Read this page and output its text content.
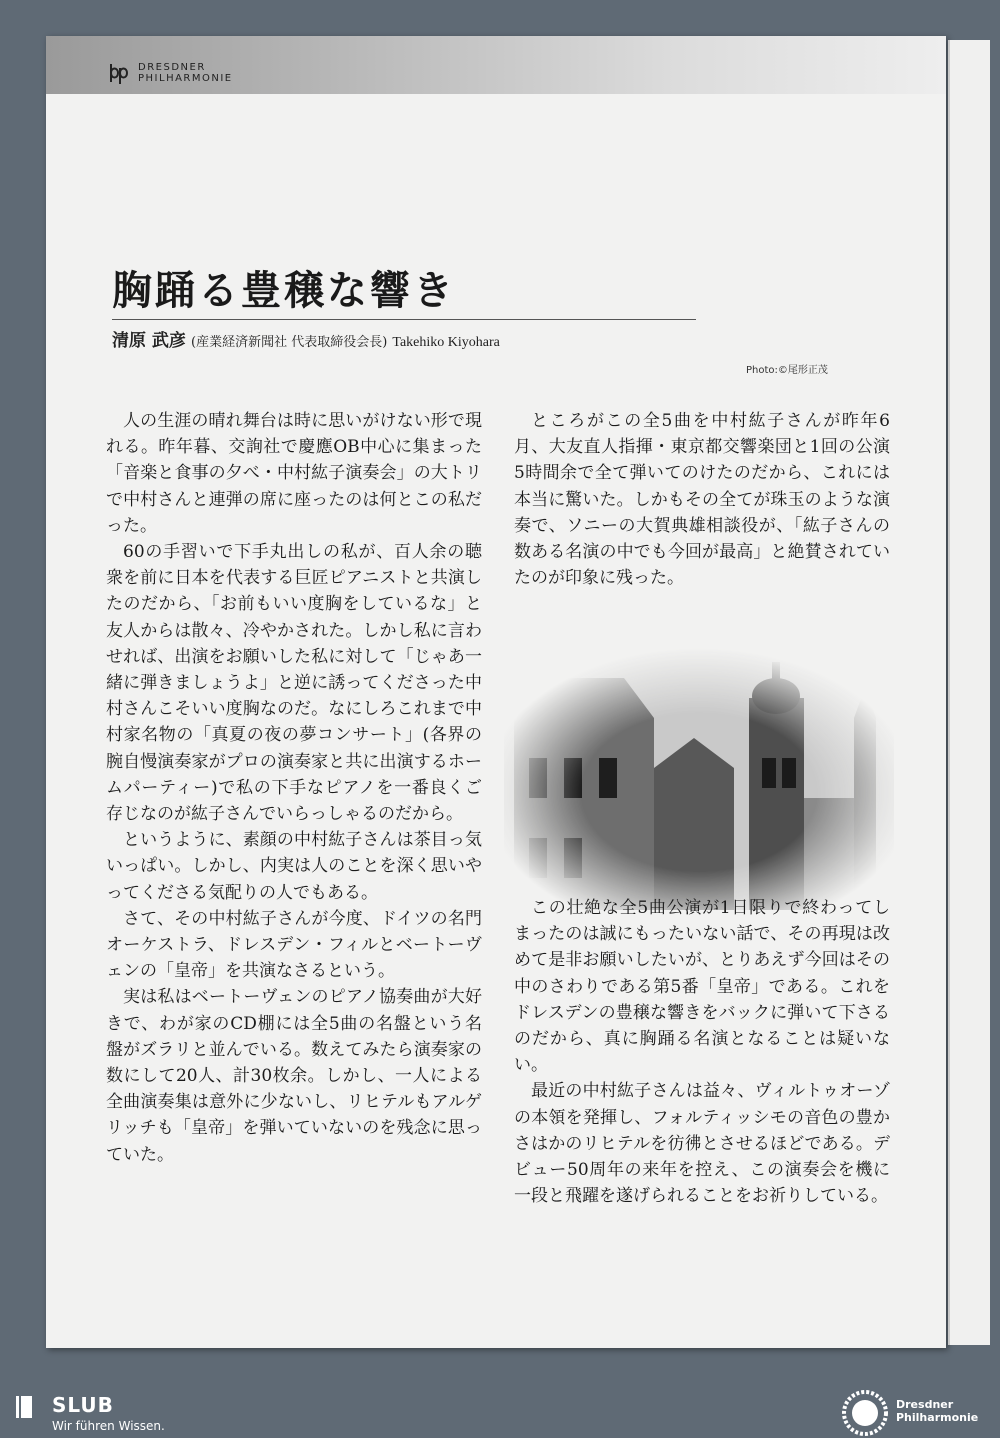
DRESDNER
PHILHARMONIE
胸踊る豊穣な響き
清原 武彦 (産業経済新聞社 代表取締役会長) Takehiko Kiyohara
Photo:©尾形正茂

人の生涯の晴れ舞台は時に思いがけない形で現れる。昨年暮、交詢社で慶應OB中心に集まった「音楽と食事の夕べ・中村紘子演奏会」の大トリで中村さんと連弾の席に座ったのは何とこの私だった。

60の手習いで下手丸出しの私が、百人余の聴衆を前に日本を代表する巨匠ピアニストと共演したのだから、「お前もいい度胸をしているな」と友人からは散々、冷やかされた。しかし私に言わせれば、出演をお願いした私に対して「じゃあ一緒に弾きましょうよ」と逆に誘ってくださった中村さんこそいい度胸なのだ。なにしろこれまで中村家名物の「真夏の夜の夢コンサート」(各界の腕自慢演奏家がプロの演奏家と共に出演するホームパーティー)で私の下手なピアノを一番良くご存じなのが紘子さんでいらっしゃるのだから。

というように、素顔の中村紘子さんは茶目っ気いっぱい。しかし、内実は人のことを深く思いやってくださる気配りの人でもある。

さて、その中村紘子さんが今度、ドイツの名門オーケストラ、ドレスデン・フィルとベートーヴェンの「皇帝」を共演なさるという。

実は私はベートーヴェンのピアノ協奏曲が大好きで、わが家のCD棚には全5曲の名盤という名盤がズラリと並んでいる。数えてみたら演奏家の数にして20人、計30枚余。しかし、一人による全曲演奏集は意外に少ないし、リヒテルもアルゲリッチも「皇帝」を弾いていないのを残念に思っていた。

ところがこの全5曲を中村紘子さんが昨年6月、大友直人指揮・東京都交響楽団と1回の公演5時間余で全て弾いてのけたのだから、これには本当に驚いた。しかもその全てが珠玉のような演奏で、ソニーの大賀典雄相談役が、「紘子さんの数ある名演の中でも今回が最高」と絶賛されていたのが印象に残った。

この壮絶な全5曲公演が1日限りで終わってしまったのは誠にもったいない話で、その再現は改めて是非お願いしたいが、とりあえず今回はその中のさわりである第5番「皇帝」である。これをドレスデンの豊穣な響きをバックに弾いて下さるのだから、真に胸踊る名演となることは疑いない。

最近の中村紘子さんは益々、ヴィルトゥオーゾの本領を発揮し、フォルティッシモの音色の豊かさはかのリヒテルを彷彿とさせるほどである。デビュー50周年の来年を控え、この演奏会を機に一段と飛躍を遂げられることをお祈りしている。

SLUB
Wir führen Wissen.
Dresdner
Philharmonie
